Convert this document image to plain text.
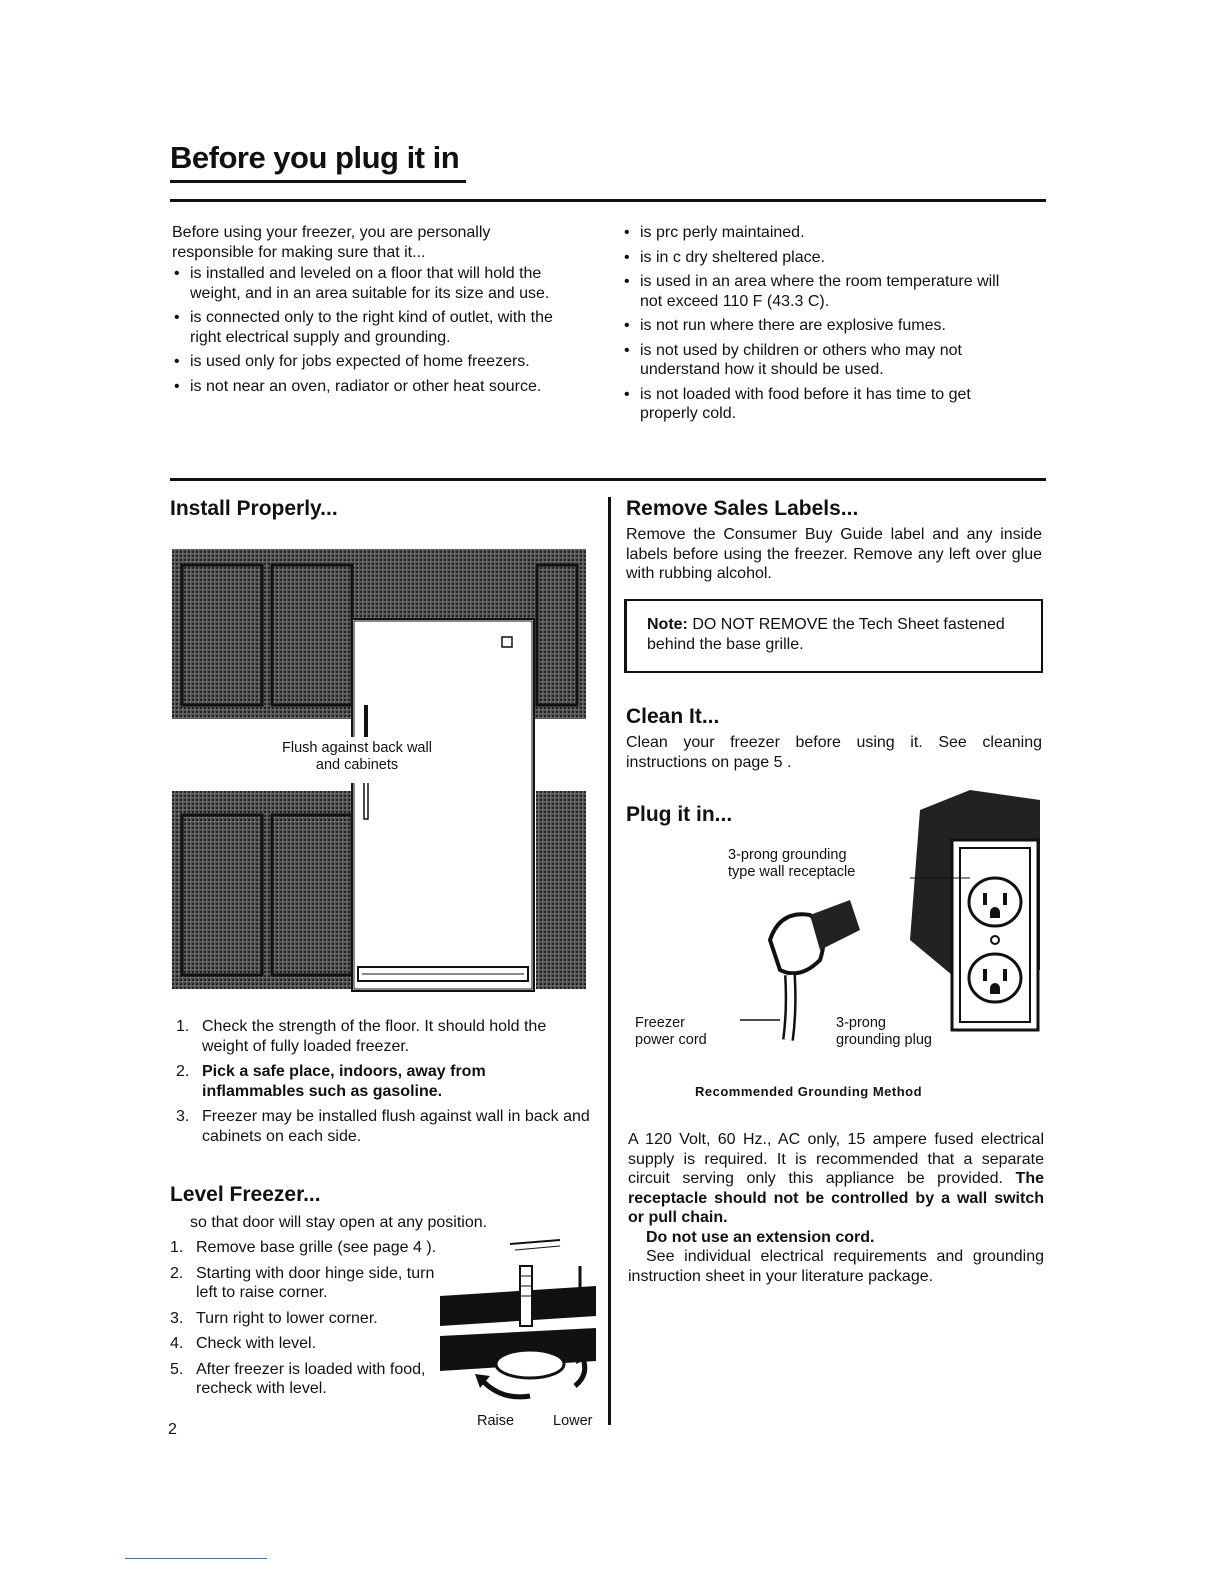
Before you plug it in

Before using your freezer, you are personally responsible for making sure that it...

• is installed and leveled on a floor that will hold the weight, and in an area suitable for its size and use.
• is connected only to the right kind of outlet, with the right electrical supply and grounding.
• is used only for jobs expected of home freezers.
• is not near an oven, radiator or other heat source.
• is prc perly maintained.
• is in c dry sheltered place.
• is used in an area where the room temperature will not exceed 110 F (43.3 C).
• is not run where there are explosive fumes.
• is not used by children or others who may not understand how it should be used.
• is not loaded with food before it has time to get properly cold.
Install Properly...
Flush against back wall
and cabinets
1. Check the strength of the floor. It should hold the weight of fully loaded freezer.
2. Pick a safe place, indoors, away from inflammables such as gasoline.
3. Freezer may be installed flush against wall in back and cabinets on each side.
Level Freezer...
so that door will stay open at any position.
1. Remove base grille (see page 4 ).
2. Starting with door hinge side, turn left to raise corner.
3. Turn right to lower corner.
4. Check with level.
5. After freezer is loaded with food, recheck with level.
Raise	Lower
2
Remove Sales Labels...
Remove the Consumer Buy Guide label and any inside labels before using the freezer. Remove any left over glue with rubbing alcohol.
Note: DO NOT REMOVE the Tech Sheet fastened behind the base grille.
Clean It...
Clean your freezer before using it. See cleaning instructions on page 5 .
Plug it in...
3-prong grounding
type wall receptacle
Freezer
power cord
3-prong
grounding plug
Recommended Grounding Method
A 120 Volt, 60 Hz., AC only, 15 ampere fused electrical supply is required. It is recommended that a separate circuit serving only this appliance be provided. The receptacle should not be controlled by a wall switch or pull chain.
Do not use an extension cord.
See individual electrical requirements and grounding instruction sheet in your literature package.
